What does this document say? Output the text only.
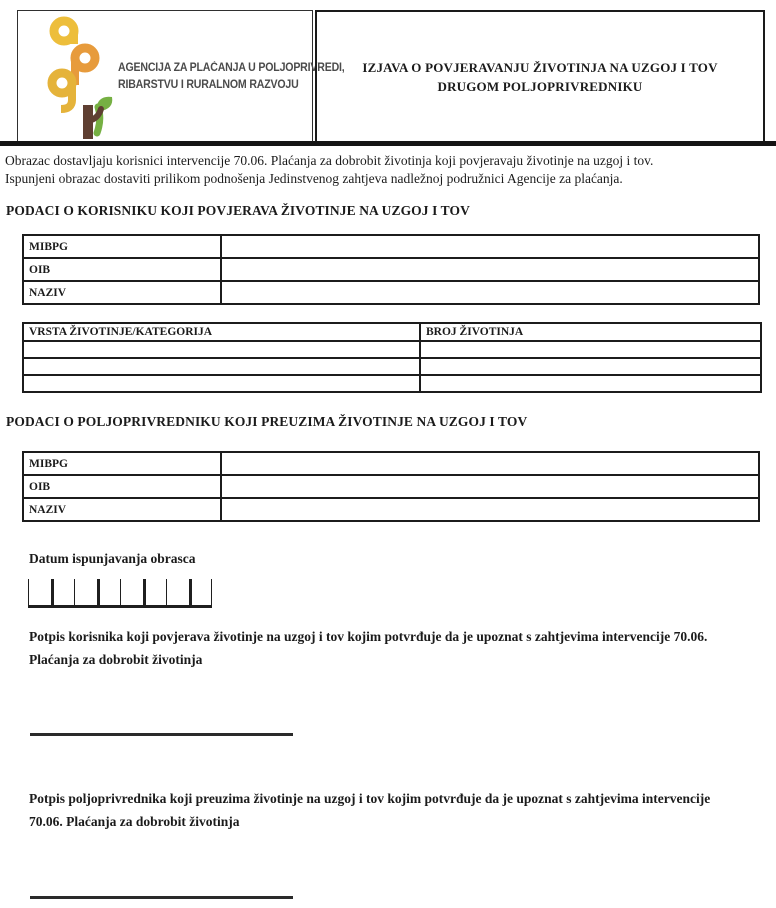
AGENCIJA ZA PLAĆANJA U POLJOPRIVREDI,
RIBARSTVU I RURALNOM RAZVOJU
IZJAVA O POVJERAVANJU ŽIVOTINJA NA UZGOJ I TOV
DRUGOM POLJOPRIVREDNIKU
Obrazac dostavljaju korisnici intervencije 70.06. Plaćanja za dobrobit životinja koji povjeravaju životinje na uzgoj i tov.
Ispunjeni obrazac dostaviti prilikom podnošenja Jedinstvenog zahtjeva nadležnoj podružnici Agencije za plaćanja.
PODACI O KORISNIKU KOJI POVJERAVA ŽIVOTINJE NA UZGOJ I TOV
MIBPG	
OIB	
NAZIV	
VRSTA ŽIVOTINJE/KATEGORIJA	BROJ ŽIVOTINJA

PODACI O POLJOPRIVREDNIKU KOJI PREUZIMA ŽIVOTINJE NA UZGOJ I TOV
MIBPG	
OIB	
NAZIV	
Datum ispunjavanja obrasca
Potpis korisnika koji povjerava životinje na uzgoj i tov kojim potvrđuje da je upoznat s zahtjevima intervencije 70.06. Plaćanja za dobrobit životinja
Potpis poljoprivrednika koji preuzima životinje na uzgoj i tov kojim potvrđuje da je upoznat s zahtjevima intervencije 70.06. Plaćanja za dobrobit životinja
